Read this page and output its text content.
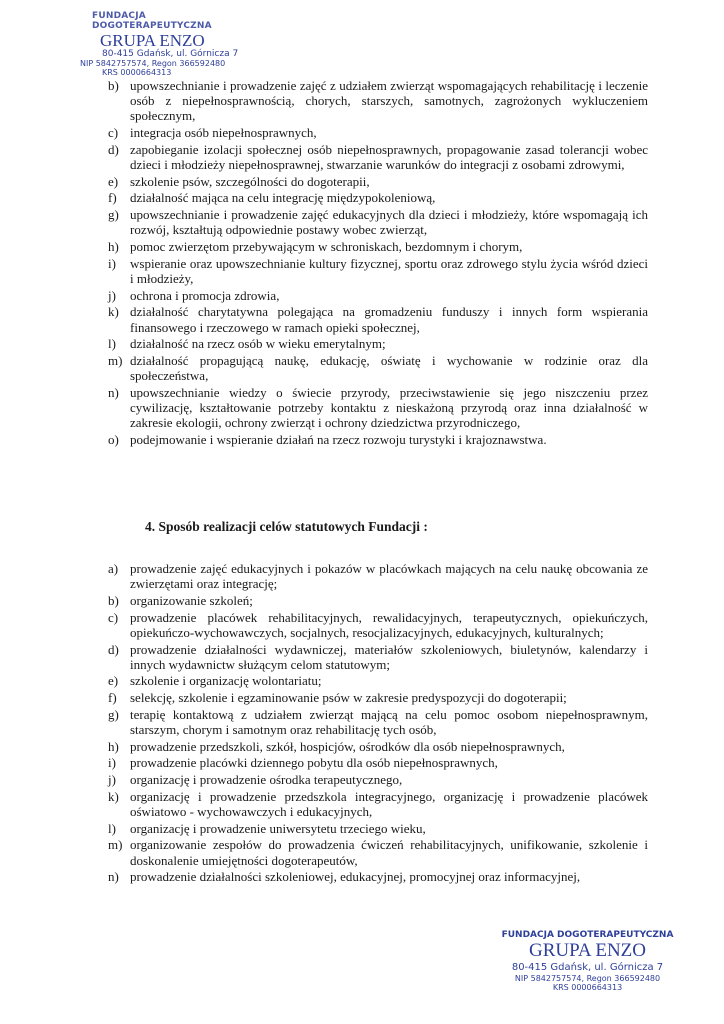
FUNDACJA DOGOTERAPEUTYCZNA
GRUPA ENZO
80-415 Gdańsk, ul. Górnicza 7
NIP 5842757574, Regon 366592480
KRS 0000664313
b) upowszechnianie i prowadzenie zajęć z udziałem zwierząt wspomagających rehabilitację i leczenie osób z niepełnosprawnością, chorych, starszych, samotnych, zagrożonych wykluczeniem społecznym,
c) integracja osób niepełnosprawnych,
d) zapobieganie izolacji społecznej osób niepełnosprawnych, propagowanie zasad tolerancji wobec dzieci i młodzieży niepełnosprawnej, stwarzanie warunków do integracji z osobami zdrowymi,
e) szkolenie psów, szczególności do dogoterapii,
f) działalność mająca na celu integrację międzypokoleniową,
g) upowszechnianie i prowadzenie zajęć edukacyjnych dla dzieci i młodzieży, które wspomagają ich rozwój, kształtują odpowiednie postawy wobec zwierząt,
h) pomoc zwierzętom przebywającym w schroniskach, bezdomnym i chorym,
i) wspieranie oraz upowszechnianie kultury fizycznej, sportu oraz zdrowego stylu życia wśród dzieci i młodzieży,
j) ochrona i promocja zdrowia,
k) działalność charytatywna polegająca na gromadzeniu funduszy i innych form wspierania finansowego i rzeczowego w ramach opieki społecznej,
l) działalność na rzecz osób w wieku emerytalnym;
m) działalność propagującą naukę, edukację, oświatę i wychowanie w rodzinie oraz dla społeczeństwa,
n) upowszechnianie wiedzy o świecie przyrody, przeciwstawienie się jego niszczeniu przez cywilizację, kształtowanie potrzeby kontaktu z nieskażoną przyrodą oraz inna działalność w zakresie ekologii, ochrony zwierząt i ochrony dziedzictwa przyrodniczego,
o) podejmowanie i wspieranie działań na rzecz rozwoju turystyki i krajoznawstwa.
4. Sposób realizacji celów statutowych Fundacji :
a) prowadzenie zajęć edukacyjnych i pokazów w placówkach mających na celu naukę obcowania ze zwierzętami oraz integrację;
b) organizowanie szkoleń;
c) prowadzenie placówek rehabilitacyjnych, rewalidacyjnych, terapeutycznych, opiekuńczych, opiekuńczo-wychowawczych, socjalnych, resocjalizacyjnych, edukacyjnych, kulturalnych;
d) prowadzenie działalności wydawniczej, materiałów szkoleniowych, biuletynów, kalendarzy i innych wydawnictw służącym celom statutowym;
e) szkolenie i organizację wolontariatu;
f) selekcję, szkolenie i egzaminowanie psów w zakresie predyspozycji do dogoterapii;
g) terapię kontaktową z udziałem zwierząt mającą na celu pomoc osobom niepełnosprawnym, starszym, chorym i samotnym oraz rehabilitację tych osób,
h) prowadzenie przedszkoli, szkół, hospicjów, ośrodków dla osób niepełnosprawnych,
i) prowadzenie placówki dziennego pobytu dla osób niepełnosprawnych,
j) organizację i prowadzenie ośrodka terapeutycznego,
k) organizację i prowadzenie przedszkola integracyjnego, organizację i prowadzenie placówek oświatowo - wychowawczych i edukacyjnych,
l) organizację i prowadzenie uniwersytetu trzeciego wieku,
m) organizowanie zespołów do prowadzenia ćwiczeń rehabilitacyjnych, unifikowanie, szkolenie i doskonalenie umiejętności dogoterapeutów,
n) prowadzenie działalności szkoleniowej, edukacyjnej, promocyjnej oraz informacyjnej,
FUNDACJA DOGOTERAPEUTYCZNA
GRUPA ENZO
80-415 Gdańsk, ul. Górnicza 7
NIP 5842757574, Regon 366592480
KRS 0000664313
